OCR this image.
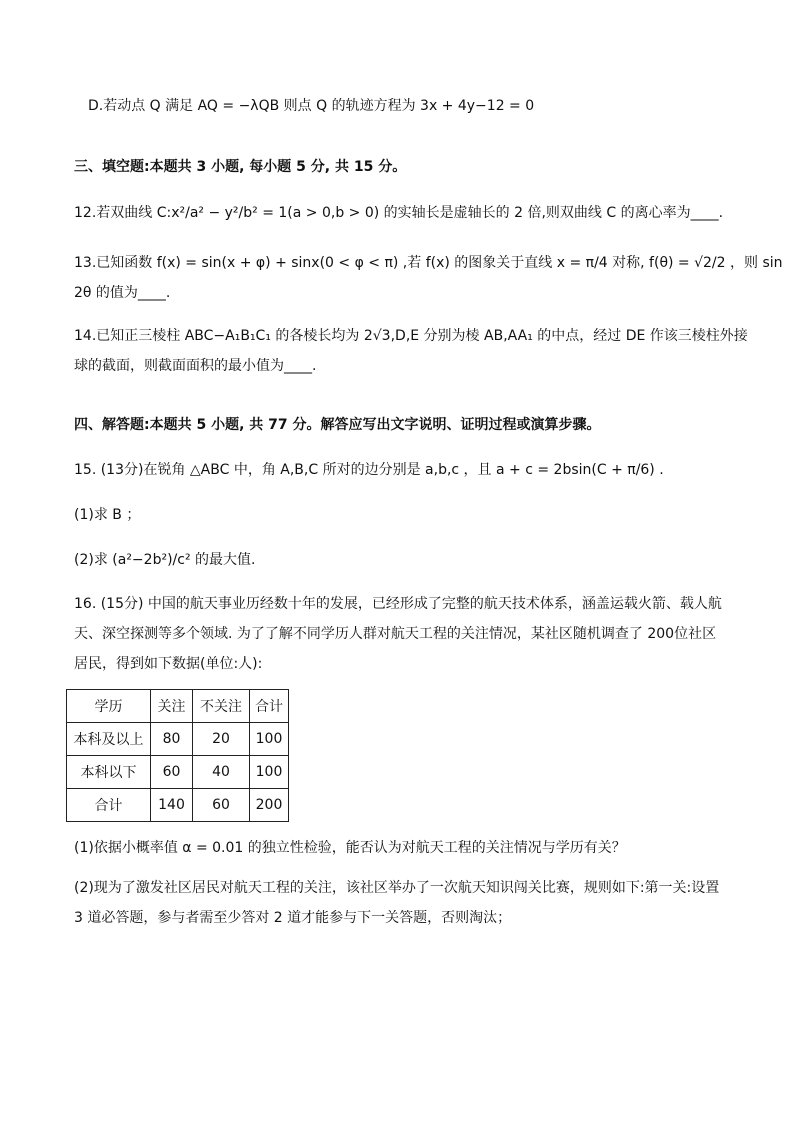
D.若动点 Q 满足 AQ = −λQB 则点 Q 的轨迹方程为 3x + 4y−12 = 0
三、填空题:本题共 3 小题, 每小题 5 分, 共 15 分。
12.若双曲线 C:x²/a² − y²/b² = 1(a > 0,b > 0) 的实轴长是虚轴长的 2 倍,则双曲线 C 的离心率为____.
13.已知函数 f(x) = sin(x + φ) + sinx(0 < φ < π) ,若 f(x) 的图象关于直线 x = π/4 对称, f(θ) = √2/2 ，则 sin
2θ 的值为____.
14.已知正三棱柱 ABC−A₁B₁C₁ 的各棱长均为 2√3,D,E 分别为棱 AB,AA₁ 的中点，经过 DE 作该三棱柱外接
球的截面，则截面面积的最小值为____.
四、解答题:本题共 5 小题, 共 77 分。解答应写出文字说明、证明过程或演算步骤。
15. (13分)在锐角 △ABC 中，角 A,B,C 所对的边分别是 a,b,c ，且 a + c = 2bsin(C + π/6) .
(1)求 B ；
(2)求 (a²−2b²)/c² 的最大值.
16. (15分) 中国的航天事业历经数十年的发展，已经形成了完整的航天技术体系，涵盖运载火箭、载人航
天、深空探测等多个领域. 为了了解不同学历人群对航天工程的关注情况，某社区随机调查了 200位社区
居民，得到如下数据(单位:人):
学历	关注	不关注	合计
本科及以上	80	20	100
本科以下	60	40	100
合计	140	60	200
(1)依据小概率值 α = 0.01 的独立性检验，能否认为对航天工程的关注情况与学历有关？
(2)现为了激发社区居民对航天工程的关注，该社区举办了一次航天知识闯关比赛，规则如下:第一关:设置
3 道必答题，参与者需至少答对 2 道才能参与下一关答题，否则淘汰；
